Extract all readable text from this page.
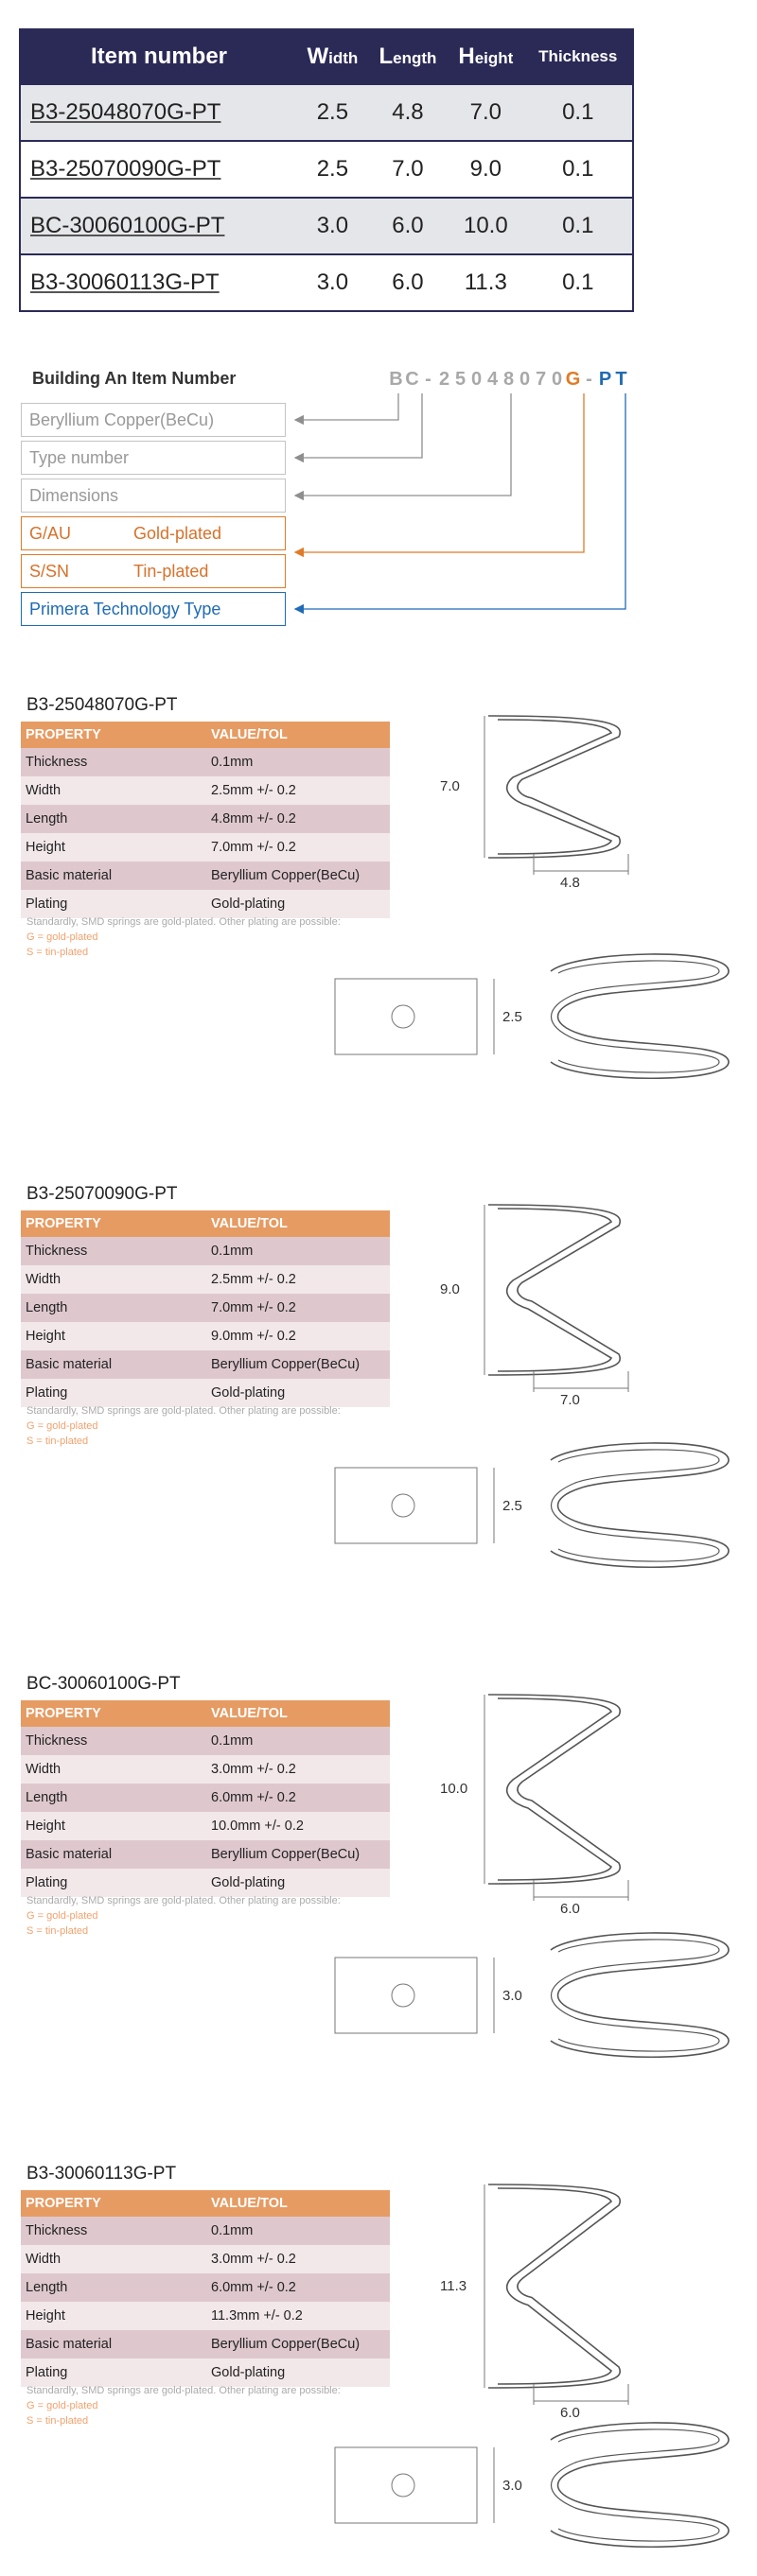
Item number	Width	Length	Height	Thickness
B3-25048070G-PT	2.5	4.8	7.0	0.1
B3-25070090G-PT	2.5	7.0	9.0	0.1
BC-30060100G-PT	3.0	6.0	10.0	0.1
B3-30060113G-PT	3.0	6.0	11.3	0.1
Building An Item Number	B C - 2 5 0 4 8 0 7 0 G - P T
Beryllium Copper(BeCu)
Type number
Dimensions
G/AU	Gold-plated
S/SN	Tin-plated
Primera Technology Type
B3-25048070G-PT
PROPERTY	VALUE/TOL
Thickness	0.1mm
Width	2.5mm +/- 0.2
Length	4.8mm +/- 0.2
Height	7.0mm +/- 0.2
Basic material	Beryllium Copper(BeCu)
Plating	Gold-plating
Standardly, SMD springs are gold-plated. Other plating are possible:
G = gold-plated
S = tin-plated
7.0
4.8
2.5
B3-25070090G-PT
PROPERTY	VALUE/TOL
Thickness	0.1mm
Width	2.5mm +/- 0.2
Length	7.0mm +/- 0.2
Height	9.0mm +/- 0.2
Basic material	Beryllium Copper(BeCu)
Plating	Gold-plating
Standardly, SMD springs are gold-plated. Other plating are possible:
G = gold-plated
S = tin-plated
9.0
7.0
2.5
BC-30060100G-PT
PROPERTY	VALUE/TOL
Thickness	0.1mm
Width	3.0mm +/- 0.2
Length	6.0mm +/- 0.2
Height	10.0mm +/- 0.2
Basic material	Beryllium Copper(BeCu)
Plating	Gold-plating
Standardly, SMD springs are gold-plated. Other plating are possible:
G = gold-plated
S = tin-plated
10.0
6.0
3.0
B3-30060113G-PT
PROPERTY	VALUE/TOL
Thickness	0.1mm
Width	3.0mm +/- 0.2
Length	6.0mm +/- 0.2
Height	11.3mm +/- 0.2
Basic material	Beryllium Copper(BeCu)
Plating	Gold-plating
Standardly, SMD springs are gold-plated. Other plating are possible:
G = gold-plated
S = tin-plated
11.3
6.0
3.0
